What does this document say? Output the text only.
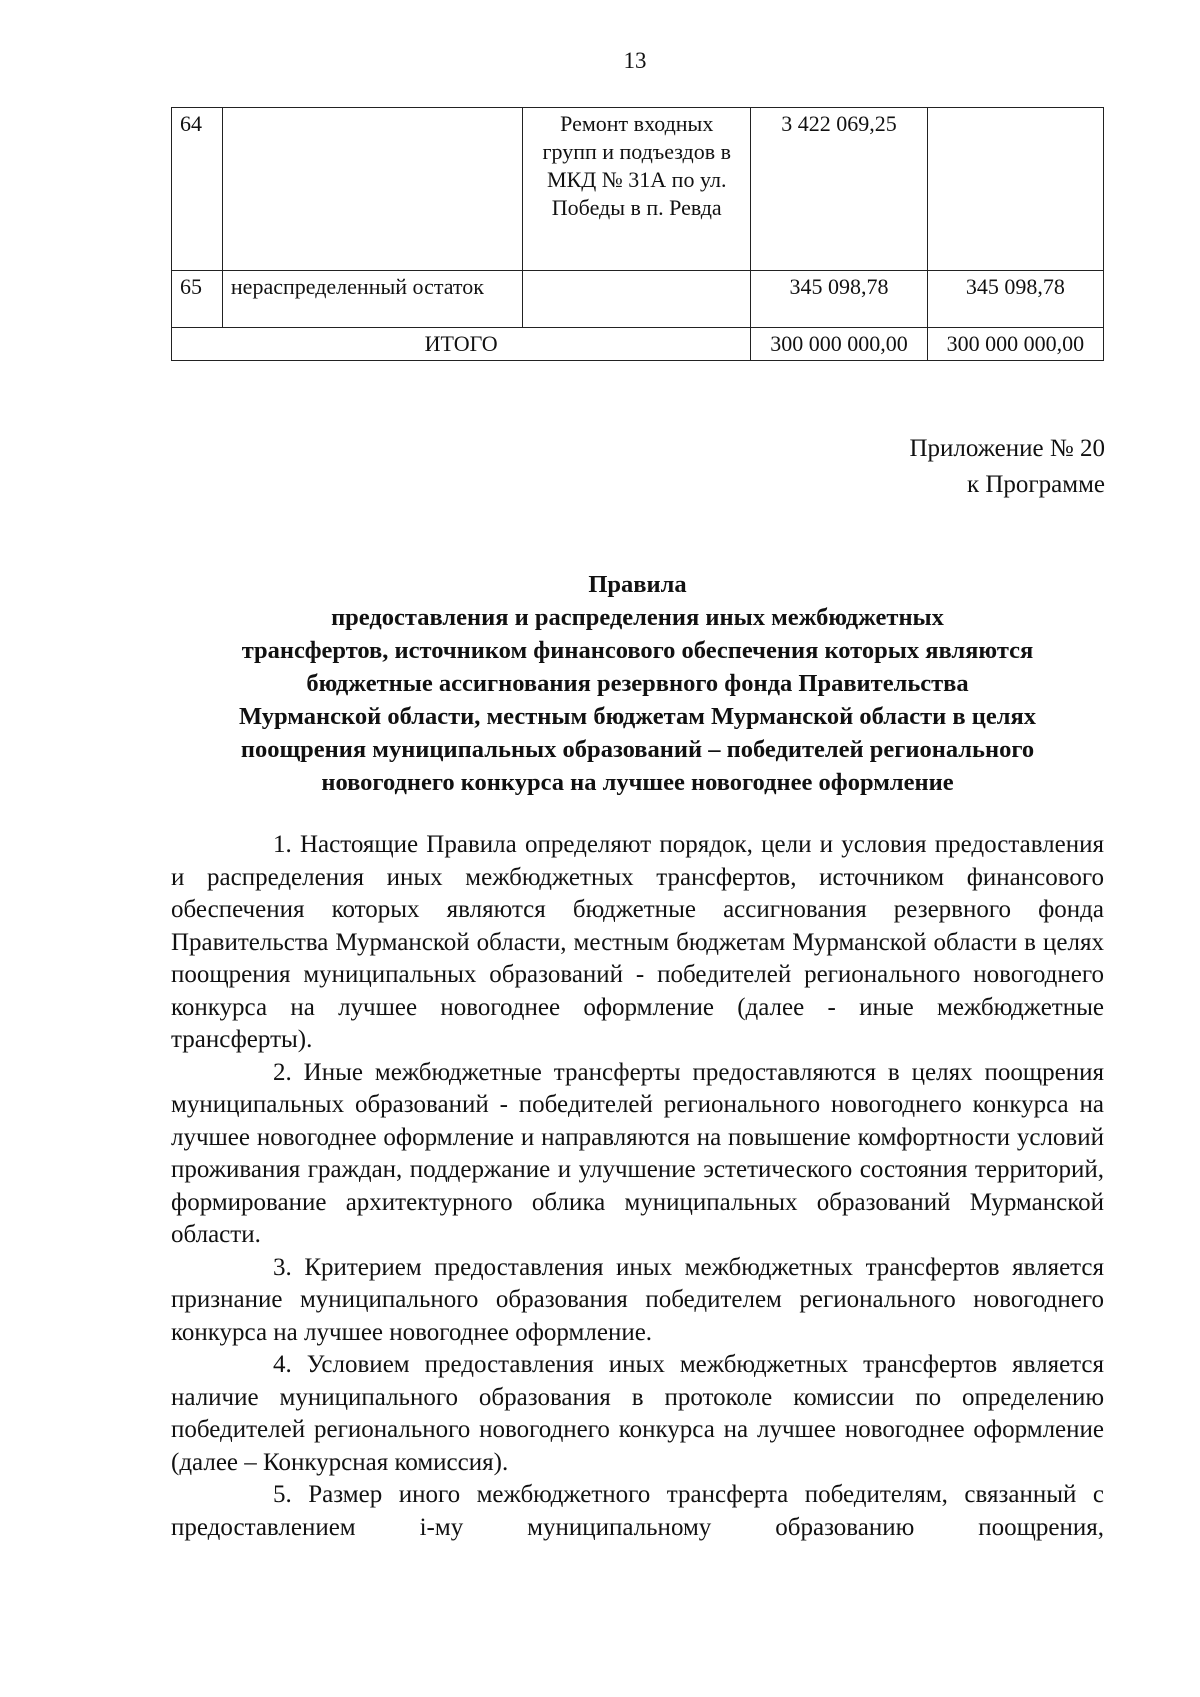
13
64		Ремонт входных групп и подъездов в МКД № 31А по ул. Победы в п. Ревда	3 422 069,25	
65	нераспределенный остаток		345 098,78	345 098,78
ИТОГО			300 000 000,00	300 000 000,00
Приложение № 20
к Программе
Правила
предоставления и распределения иных межбюджетных
трансфертов, источником финансового обеспечения которых являются
бюджетные ассигнования резервного фонда Правительства
Мурманской области, местным бюджетам Мурманской области в целях
поощрения муниципальных образований – победителей регионального
новогоднего конкурса на лучшее новогоднее оформление

1. Настоящие Правила определяют порядок, цели и условия предоставления и распределения иных межбюджетных трансфертов, источником финансового обеспечения которых являются бюджетные ассигнования резервного фонда Правительства Мурманской области, местным бюджетам Мурманской области в целях поощрения муниципальных образований - победителей регионального новогоднего конкурса на лучшее новогоднее оформление (далее - иные межбюджетные трансферты).

2. Иные межбюджетные трансферты предоставляются в целях поощрения муниципальных образований - победителей регионального новогоднего конкурса на лучшее новогоднее оформление и направляются на повышение комфортности условий проживания граждан, поддержание и улучшение эстетического состояния территорий, формирование архитектурного облика муниципальных образований Мурманской области.

3. Критерием предоставления иных межбюджетных трансфертов является признание муниципального образования победителем регионального новогоднего конкурса на лучшее новогоднее оформление.

4. Условием предоставления иных межбюджетных трансфертов является наличие муниципального образования в протоколе комиссии по определению победителей регионального новогоднего конкурса на лучшее новогоднее оформление (далее – Конкурсная комиссия).

5. Размер иного межбюджетного трансферта победителям, связанный с предоставлением i-му муниципальному образованию поощрения,
